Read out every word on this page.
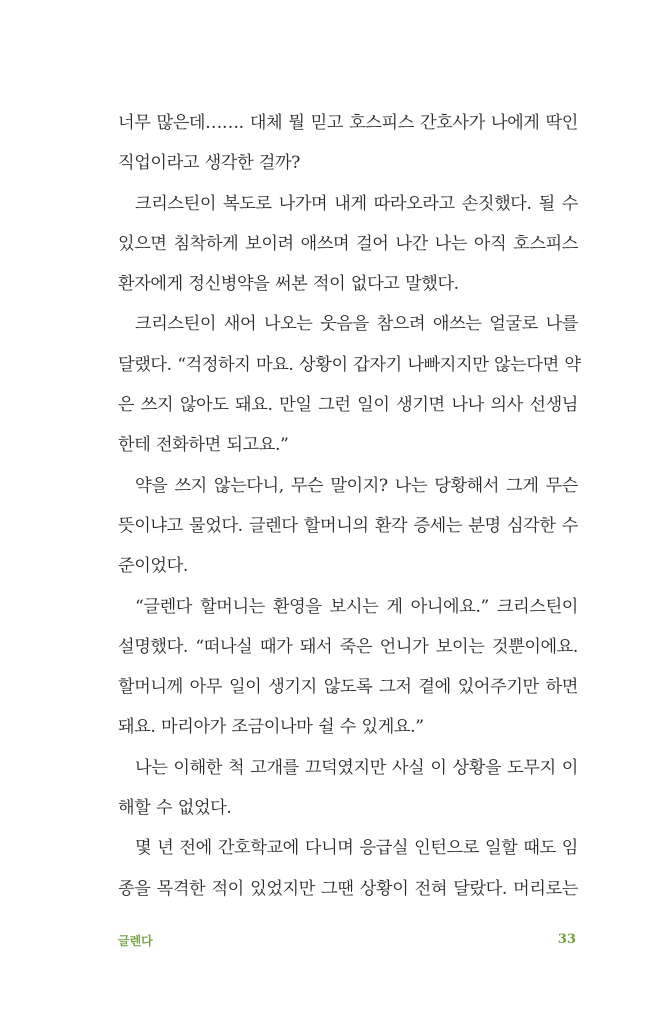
너무 많은데……. 대체 뭘 믿고 호스피스 간호사가 나에게 딱인
직업이라고 생각한 걸까?
크리스틴이 복도로 나가며 내게 따라오라고 손짓했다. 될 수
있으면 침착하게 보이려 애쓰며 걸어 나간 나는 아직 호스피스
환자에게 정신병약을 써본 적이 없다고 말했다.
크리스틴이 새어 나오는 웃음을 참으려 애쓰는 얼굴로 나를
달랬다. “걱정하지 마요. 상황이 갑자기 나빠지지만 않는다면 약
은 쓰지 않아도 돼요. 만일 그런 일이 생기면 나나 의사 선생님
한테 전화하면 되고요.”
약을 쓰지 않는다니, 무슨 말이지? 나는 당황해서 그게 무슨
뜻이냐고 물었다. 글렌다 할머니의 환각 증세는 분명 심각한 수
준이었다.
“글렌다 할머니는 환영을 보시는 게 아니에요.” 크리스틴이
설명했다. “떠나실 때가 돼서 죽은 언니가 보이는 것뿐이에요.
할머니께 아무 일이 생기지 않도록 그저 곁에 있어주기만 하면
돼요. 마리아가 조금이나마 쉴 수 있게요.”
나는 이해한 척 고개를 끄덕였지만 사실 이 상황을 도무지 이
해할 수 없었다.
몇 년 전에 간호학교에 다니며 응급실 인턴으로 일할 때도 임
종을 목격한 적이 있었지만 그땐 상황이 전혀 달랐다. 머리로는
글렌다	33
